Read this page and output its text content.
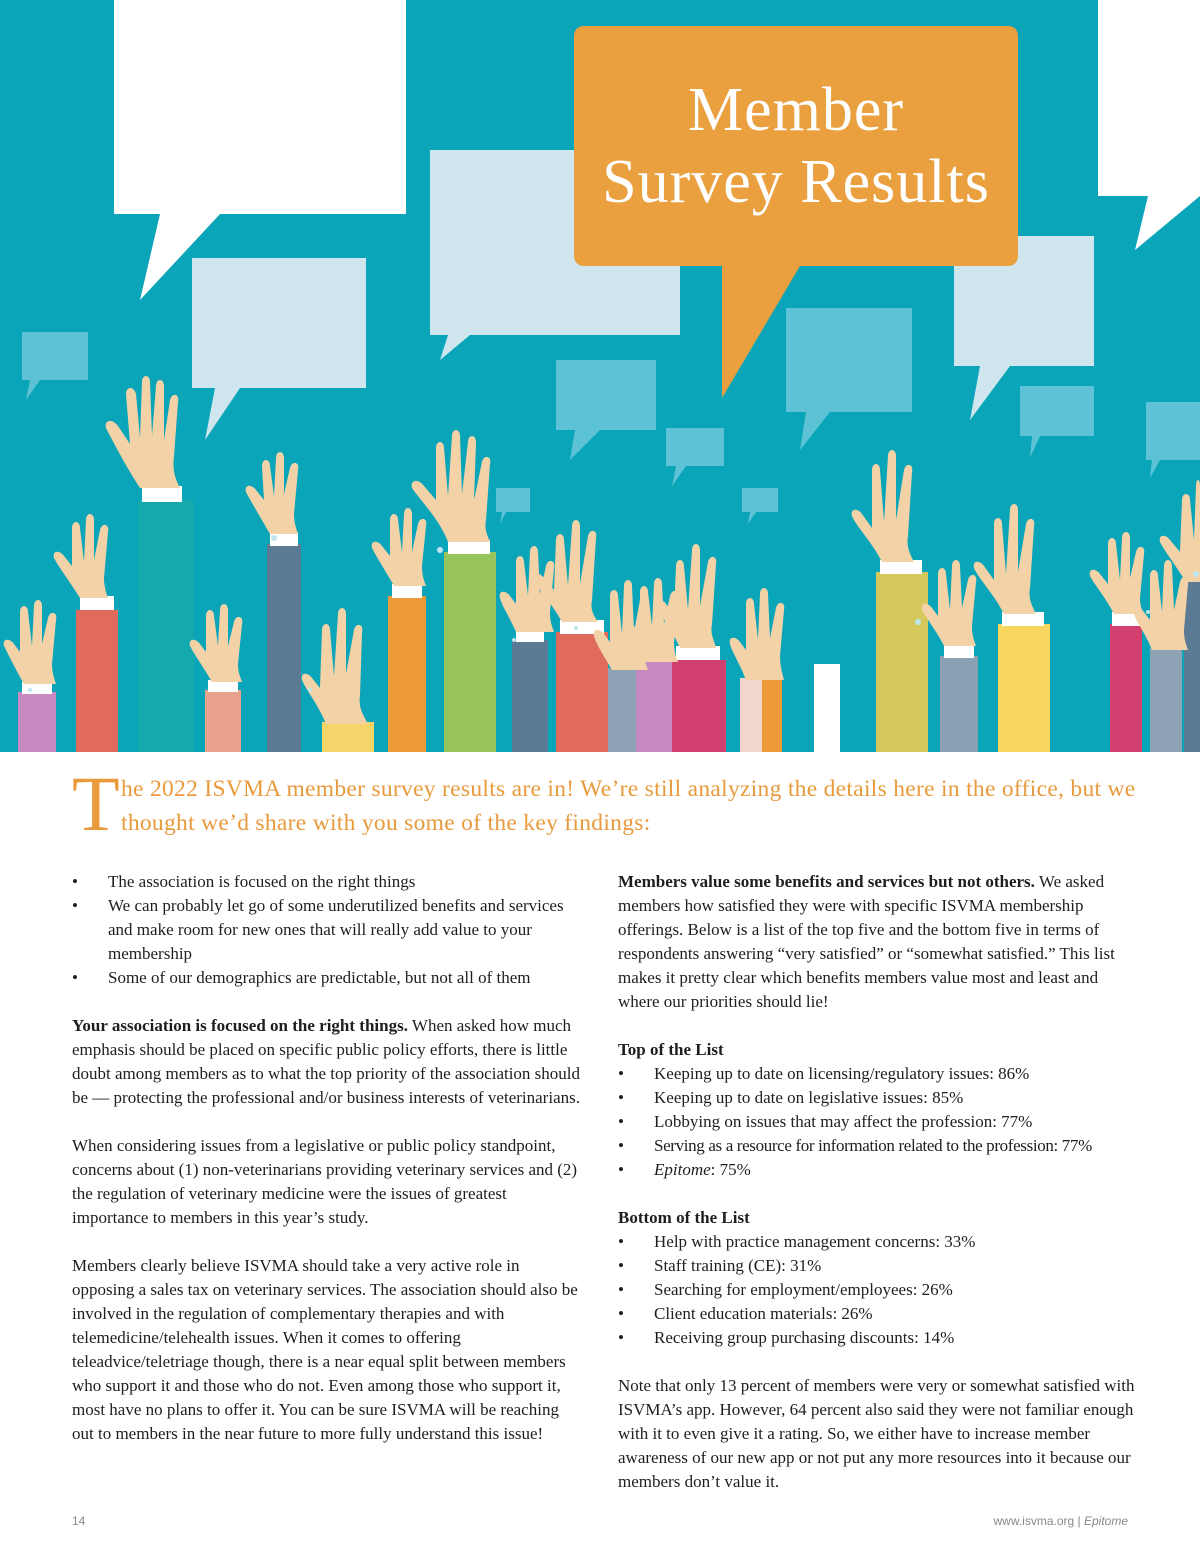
Member
Survey Results
T he 2022 ISVMA member survey results are in! We’re still analyzing the details here in the office, but we thought we’d share with you some of the key findings:
•	The association is focused on the right things
•	We can probably let go of some underutilized benefits and services and make room for new ones that will really add value to your membership
•	Some of our demographics are predictable, but not all of them

Your association is focused on the right things. When asked how much emphasis should be placed on specific public policy efforts, there is little doubt among members as to what the top priority of the association should be — protecting the professional and/or business interests of veterinarians.

When considering issues from a legislative or public policy standpoint, concerns about (1) non-veterinarians providing veterinary services and (2) the regulation of veterinary medicine were the issues of greatest importance to members in this year’s study.

Members clearly believe ISVMA should take a very active role in opposing a sales tax on veterinary services. The association should also be involved in the regulation of complementary therapies and with telemedicine/telehealth issues. When it comes to offering teleadvice/teletriage though, there is a near equal split between members who support it and those who do not. Even among those who support it, most have no plans to offer it. You can be sure ISVMA will be reaching out to members in the near future to more fully understand this issue!

Members value some benefits and services but not others. We asked members how satisfied they were with specific ISVMA membership offerings. Below is a list of the top five and the bottom five in terms of respondents answering “very satisfied” or “somewhat satisfied.” This list makes it pretty clear which benefits members value most and least and where our priorities should lie!

Top of the List
•	Keeping up to date on licensing/regulatory issues: 86%
•	Keeping up to date on legislative issues: 85%
•	Lobbying on issues that may affect the profession: 77%
•	Serving as a resource for information related to the profession: 77%
•	Epitome: 75%
Bottom of the List
•	Help with practice management concerns: 33%
•	Staff training (CE): 31%
•	Searching for employment/employees: 26%
•	Client education materials: 26%
•	Receiving group purchasing discounts: 14%

Note that only 13 percent of members were very or somewhat satisfied with ISVMA’s app. However, 64 percent also said they were not familiar enough with it to even give it a rating. So, we either have to increase member awareness of our new app or not put any more resources into it because our members don’t value it.

14	www.isvma.org | Epitome
